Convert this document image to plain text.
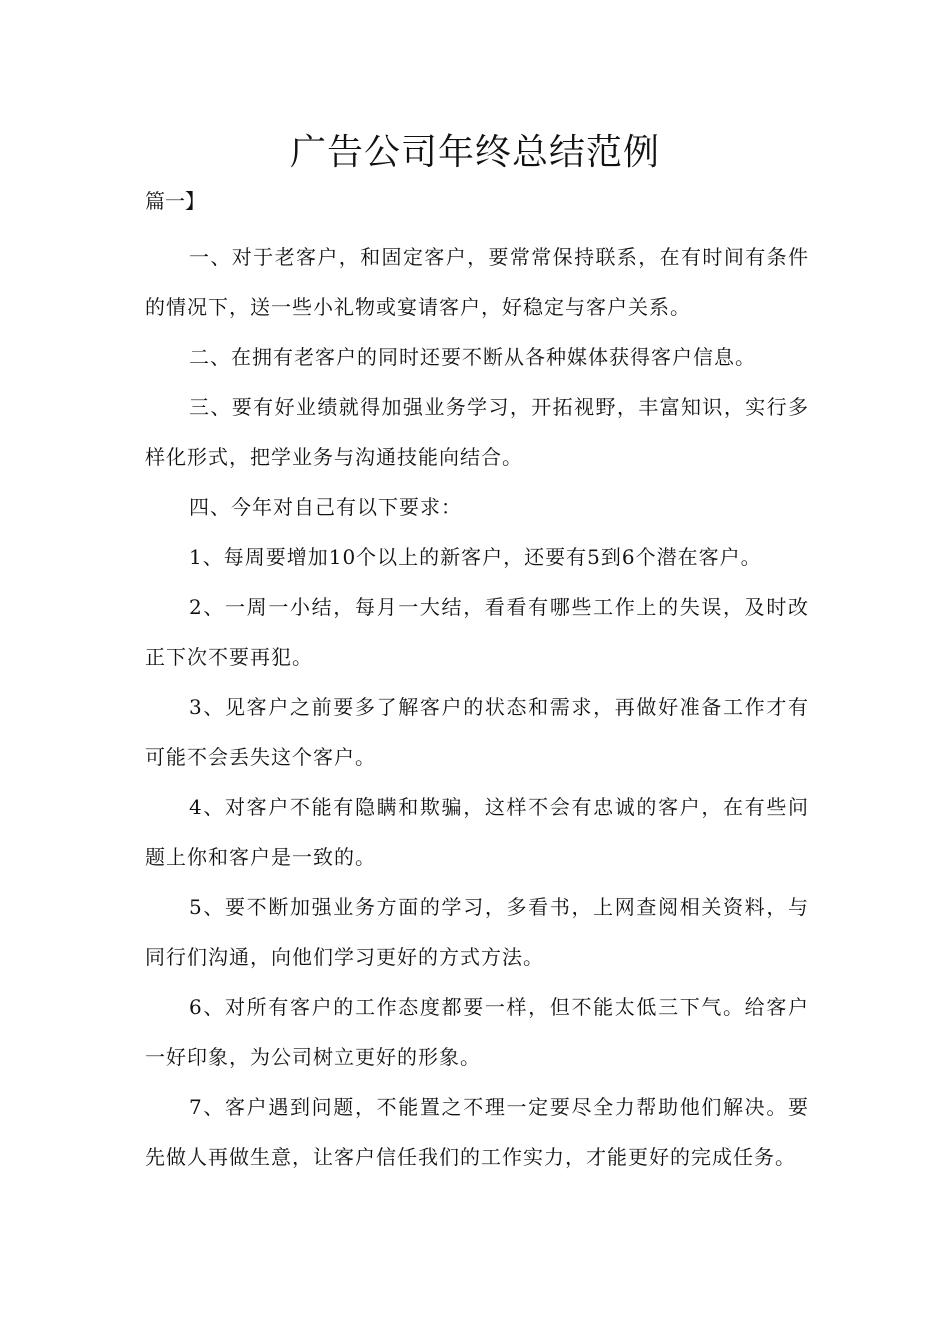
广告公司年终总结范例

篇一】

一、对于老客户，和固定客户，要常常保持联系，在有时间有条件的情况下，送一些小礼物或宴请客户，好稳定与客户关系。

二、在拥有老客户的同时还要不断从各种媒体获得客户信息。

三、要有好业绩就得加强业务学习，开拓视野，丰富知识，实行多样化形式，把学业务与沟通技能向结合。

四、今年对自己有以下要求：

1、每周要增加10个以上的新客户，还要有5到6个潜在客户。

2、一周一小结，每月一大结，看看有哪些工作上的失误，及时改正下次不要再犯。

3、见客户之前要多了解客户的状态和需求，再做好准备工作才有可能不会丢失这个客户。

4、对客户不能有隐瞒和欺骗，这样不会有忠诚的客户，在有些问题上你和客户是一致的。

5、要不断加强业务方面的学习，多看书，上网查阅相关资料，与同行们沟通，向他们学习更好的方式方法。

6、对所有客户的工作态度都要一样，但不能太低三下气。给客户一好印象，为公司树立更好的形象。

7、客户遇到问题，不能置之不理一定要尽全力帮助他们解决。要先做人再做生意，让客户信任我们的工作实力，才能更好的完成任务。
